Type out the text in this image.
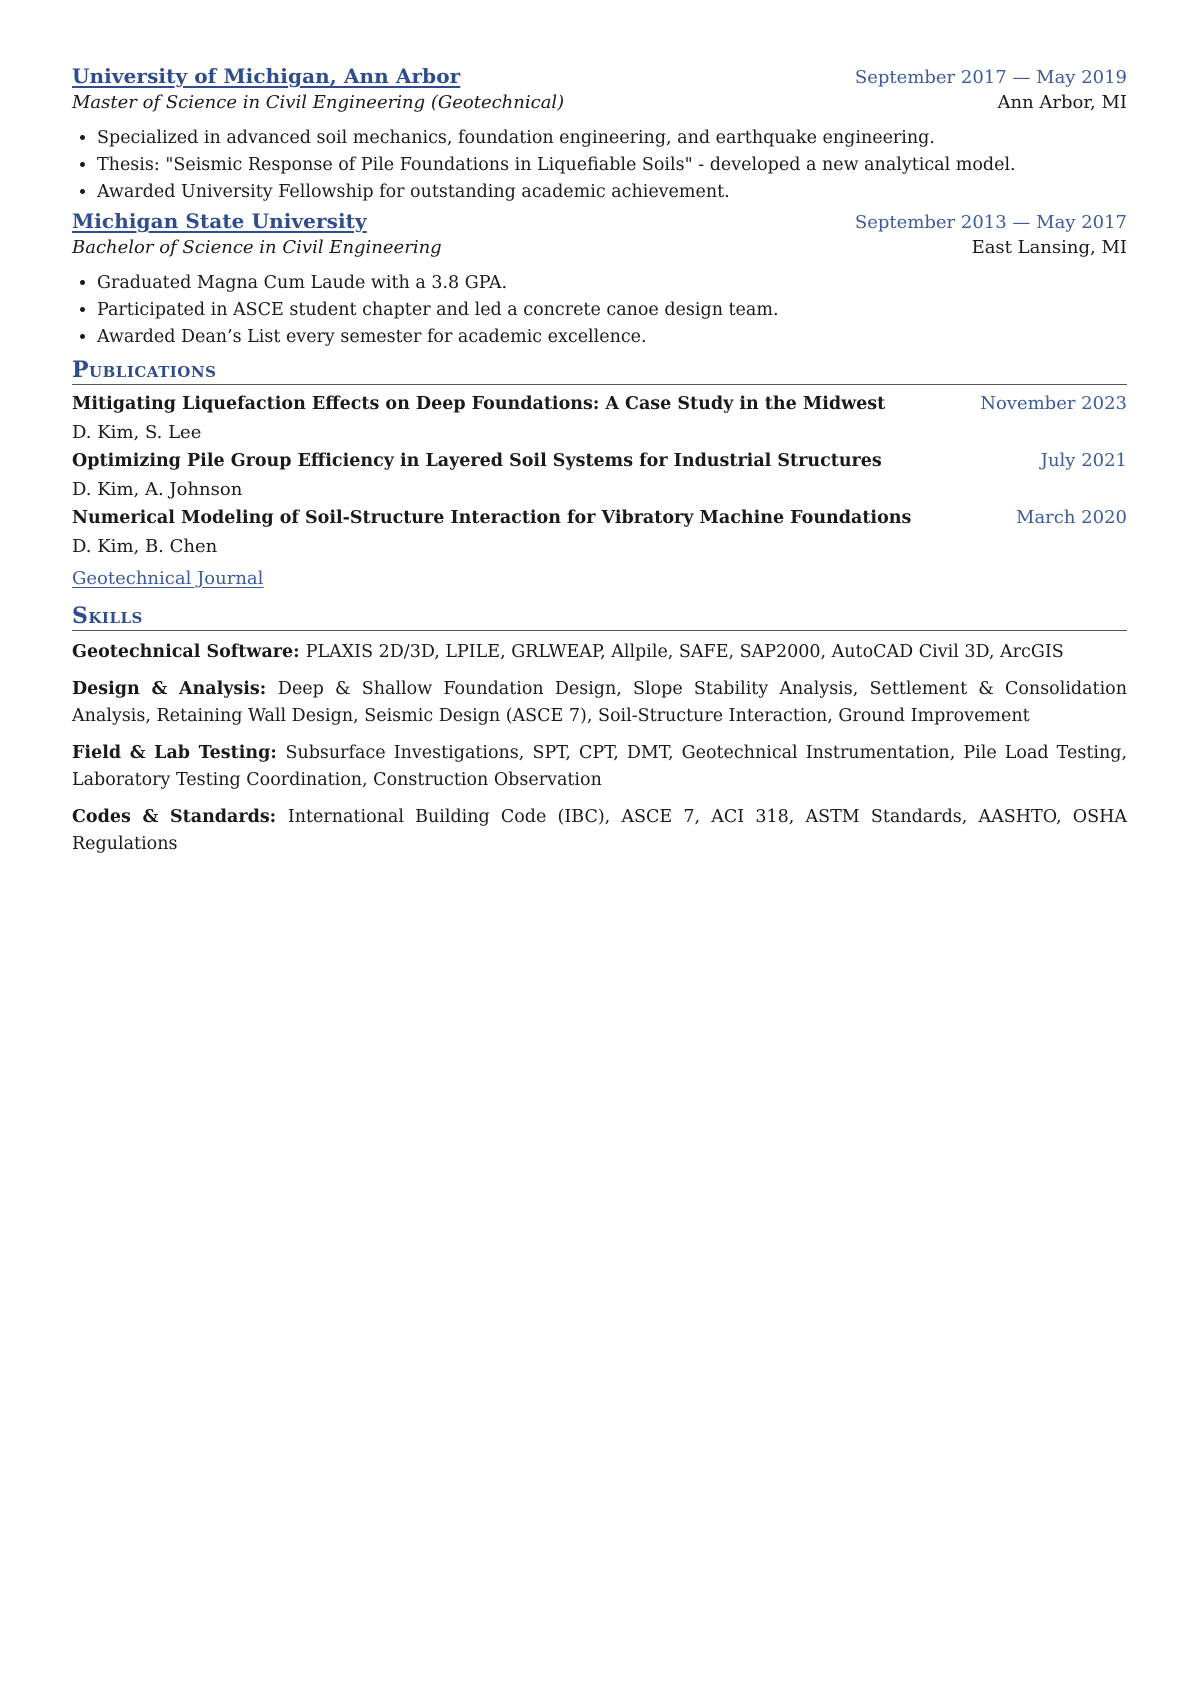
University of Michigan, Ann Arbor	September 2017 — May 2019
Master of Science in Civil Engineering (Geotechnical)	Ann Arbor, MI
• Specialized in advanced soil mechanics, foundation engineering, and earthquake engineering.
• Thesis: "Seismic Response of Pile Foundations in Liquefiable Soils" - developed a new analytical model.
• Awarded University Fellowship for outstanding academic achievement.
Michigan State University	September 2013 — May 2017
Bachelor of Science in Civil Engineering	East Lansing, MI
• Graduated Magna Cum Laude with a 3.8 GPA.
• Participated in ASCE student chapter and led a concrete canoe design team.
• Awarded Dean’s List every semester for academic excellence.
Publications
Mitigating Liquefaction Effects on Deep Foundations: A Case Study in the Midwest	November 2023
D. Kim, S. Lee
Optimizing Pile Group Efficiency in Layered Soil Systems for Industrial Structures	July 2021
D. Kim, A. Johnson
Numerical Modeling of Soil-Structure Interaction for Vibratory Machine Foundations	March 2020
D. Kim, B. Chen
Geotechnical Journal
Skills
Geotechnical Software: PLAXIS 2D/3D, LPILE, GRLWEAP, Allpile, SAFE, SAP2000, AutoCAD Civil 3D, ArcGIS
Design & Analysis: Deep & Shallow Foundation Design, Slope Stability Analysis, Settlement & Consolidation Analysis, Retaining Wall Design, Seismic Design (ASCE 7), Soil-Structure Interaction, Ground Improvement
Field & Lab Testing: Subsurface Investigations, SPT, CPT, DMT, Geotechnical Instrumentation, Pile Load Testing, Laboratory Testing Coordination, Construction Observation
Codes & Standards: International Building Code (IBC), ASCE 7, ACI 318, ASTM Standards, AASHTO, OSHA Regulations
